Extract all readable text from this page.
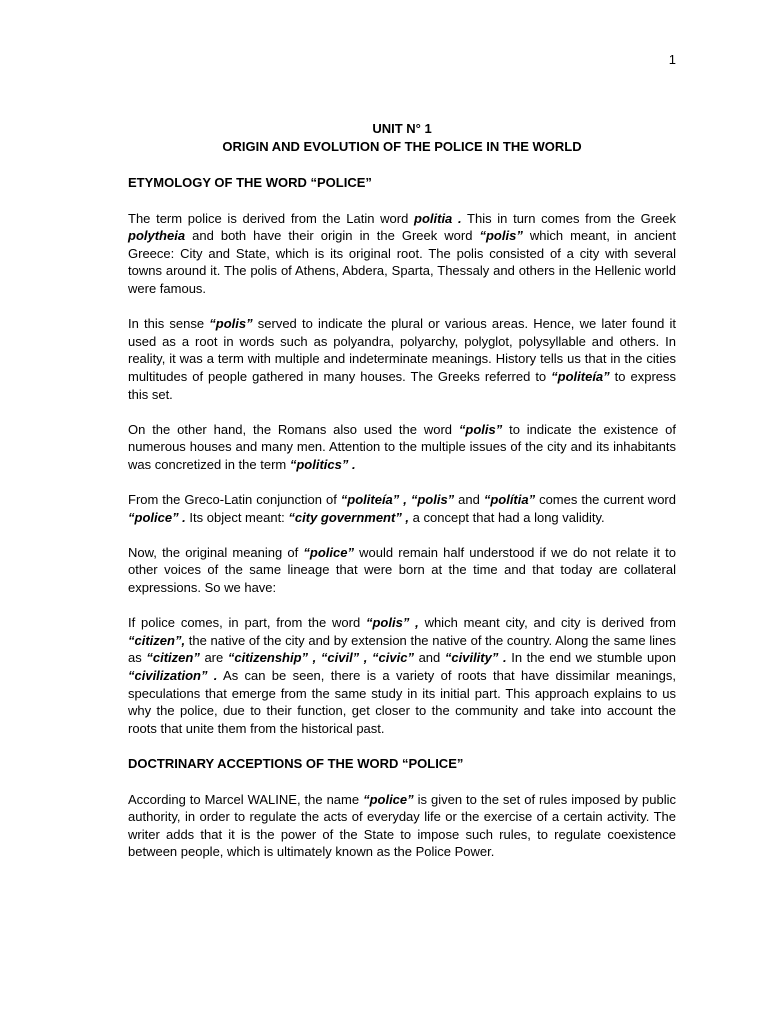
1
UNIT N° 1
ORIGIN AND EVOLUTION OF THE POLICE IN THE WORLD
ETYMOLOGY OF THE WORD “POLICE”

The term police is derived from the Latin word politia . This in turn comes from the Greek polytheia and both have their origin in the Greek word “polis” which meant, in ancient Greece: City and State, which is its original root. The polis consisted of a city with several towns around it. The polis of Athens, Abdera, Sparta, Thessaly and others in the Hellenic world were famous.

In this sense “polis” served to indicate the plural or various areas. Hence, we later found it used as a root in words such as polyandra, polyarchy, polyglot, polysyllable and others. In reality, it was a term with multiple and indeterminate meanings. History tells us that in the cities multitudes of people gathered in many houses. The Greeks referred to “politeía” to express this set.

On the other hand, the Romans also used the word “polis” to indicate the existence of numerous houses and many men. Attention to the multiple issues of the city and its inhabitants was concretized in the term “politics” .

From the Greco-Latin conjunction of “politeía” , “polis” and “polítia” comes the current word “police” . Its object meant: “city government” , a concept that had a long validity.

Now, the original meaning of “police” would remain half understood if we do not relate it to other voices of the same lineage that were born at the time and that today are collateral expressions. So we have:

If police comes, in part, from the word “polis” , which meant city, and city is derived from “citizen”, the native of the city and by extension the native of the country. Along the same lines as “citizen” are “citizenship” , “civil” , “civic” and “civility” . In the end we stumble upon “civilization” . As can be seen, there is a variety of roots that have dissimilar meanings, speculations that emerge from the same study in its initial part. This approach explains to us why the police, due to their function, get closer to the community and take into account the roots that unite them from the historical past.

DOCTRINARY ACCEPTIONS OF THE WORD “POLICE”

According to Marcel WALINE, the name “police” is given to the set of rules imposed by public authority, in order to regulate the acts of everyday life or the exercise of a certain activity. The writer adds that it is the power of the State to impose such rules, to regulate coexistence between people, which is ultimately known as the Police Power.
